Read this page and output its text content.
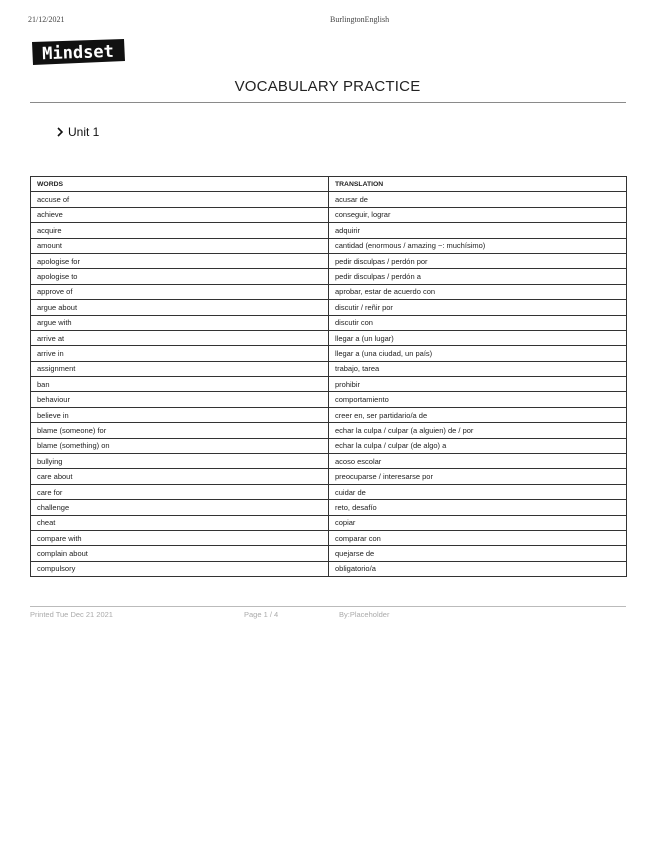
21/12/2021	BurlingtonEnglish
Mindset
VOCABULARY PRACTICE
Unit 1
WORDS	TRANSLATION
accuse of	acusar de
achieve	conseguir, lograr
acquire	adquirir
amount	cantidad (enormous / amazing ~: muchísimo)
apologise for	pedir disculpas / perdón por
apologise to	pedir disculpas / perdón a
approve of	aprobar, estar de acuerdo con
argue about	discutir / reñir por
argue with	discutir con
arrive at	llegar a (un lugar)
arrive in	llegar a (una ciudad, un país)
assignment	trabajo, tarea
ban	prohibir
behaviour	comportamiento
believe in	creer en, ser partidario/a de
blame (someone) for	echar la culpa / culpar (a alguien) de / por
blame (something) on	echar la culpa / culpar (de algo) a
bullying	acoso escolar
care about	preocuparse / interesarse por
care for	cuidar de
challenge	reto, desafío
cheat	copiar
compare with	comparar con
complain about	quejarse de
compulsory	obligatorio/a
Printed Tue Dec 21 2021	Page 1 / 4	By:Placeholder
